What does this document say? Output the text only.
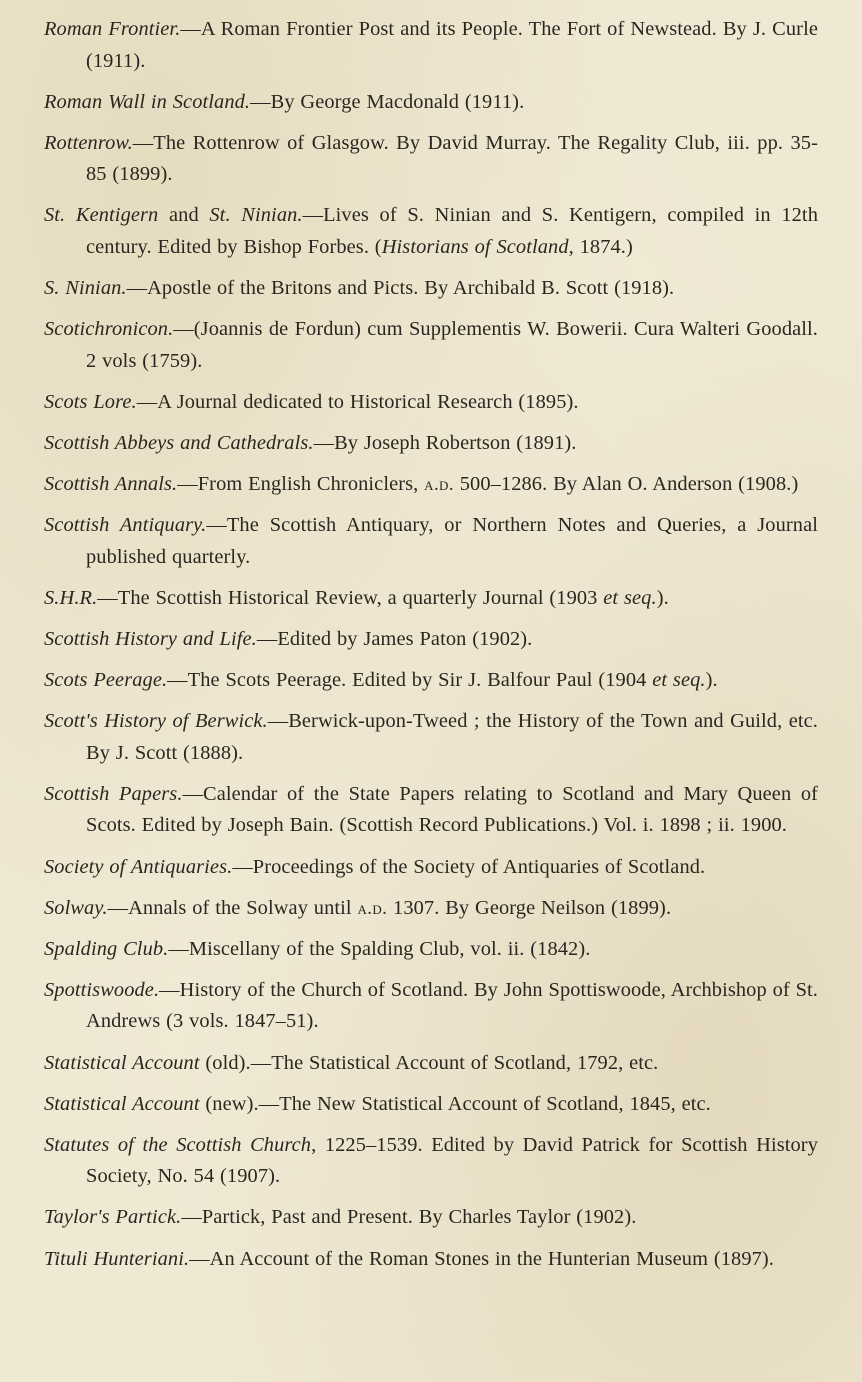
Roman Frontier.—A Roman Frontier Post and its People. The Fort of Newstead. By J. Curle (1911).
Roman Wall in Scotland.—By George Macdonald (1911).
Rottenrow.—The Rottenrow of Glasgow. By David Murray. The Regality Club, iii. pp. 35-85 (1899).
St. Kentigern and St. Ninian.—Lives of S. Ninian and S. Kentigern, compiled in 12th century. Edited by Bishop Forbes. (Historians of Scotland, 1874.)
S. Ninian.—Apostle of the Britons and Picts. By Archibald B. Scott (1918).
Scotichronicon.—(Joannis de Fordun) cum Supplementis W. Bowerii. Cura Walteri Goodall. 2 vols (1759).
Scots Lore.—A Journal dedicated to Historical Research (1895).
Scottish Abbeys and Cathedrals.—By Joseph Robertson (1891).
Scottish Annals.—From English Chroniclers, a.d. 500–1286. By Alan O. Anderson (1908.)
Scottish Antiquary.—The Scottish Antiquary, or Northern Notes and Queries, a Journal published quarterly.
S.H.R.—The Scottish Historical Review, a quarterly Journal (1903 et seq.).
Scottish History and Life.—Edited by James Paton (1902).
Scots Peerage.—The Scots Peerage. Edited by Sir J. Balfour Paul (1904 et seq.).
Scott's History of Berwick.—Berwick-upon-Tweed ; the History of the Town and Guild, etc. By J. Scott (1888).
Scottish Papers.—Calendar of the State Papers relating to Scotland and Mary Queen of Scots. Edited by Joseph Bain. (Scottish Record Publications.) Vol. i. 1898 ; ii. 1900.
Society of Antiquaries.—Proceedings of the Society of Antiquaries of Scotland.
Solway.—Annals of the Solway until a.d. 1307. By George Neilson (1899).
Spalding Club.—Miscellany of the Spalding Club, vol. ii. (1842).
Spottiswoode.—History of the Church of Scotland. By John Spottiswoode, Archbishop of St. Andrews (3 vols. 1847–51).
Statistical Account (old).—The Statistical Account of Scotland, 1792, etc.
Statistical Account (new).—The New Statistical Account of Scotland, 1845, etc.
Statutes of the Scottish Church, 1225–1539. Edited by David Patrick for Scottish History Society, No. 54 (1907).
Taylor's Partick.—Partick, Past and Present. By Charles Taylor (1902).
Tituli Hunteriani.—An Account of the Roman Stones in the Hunterian Museum (1897).
